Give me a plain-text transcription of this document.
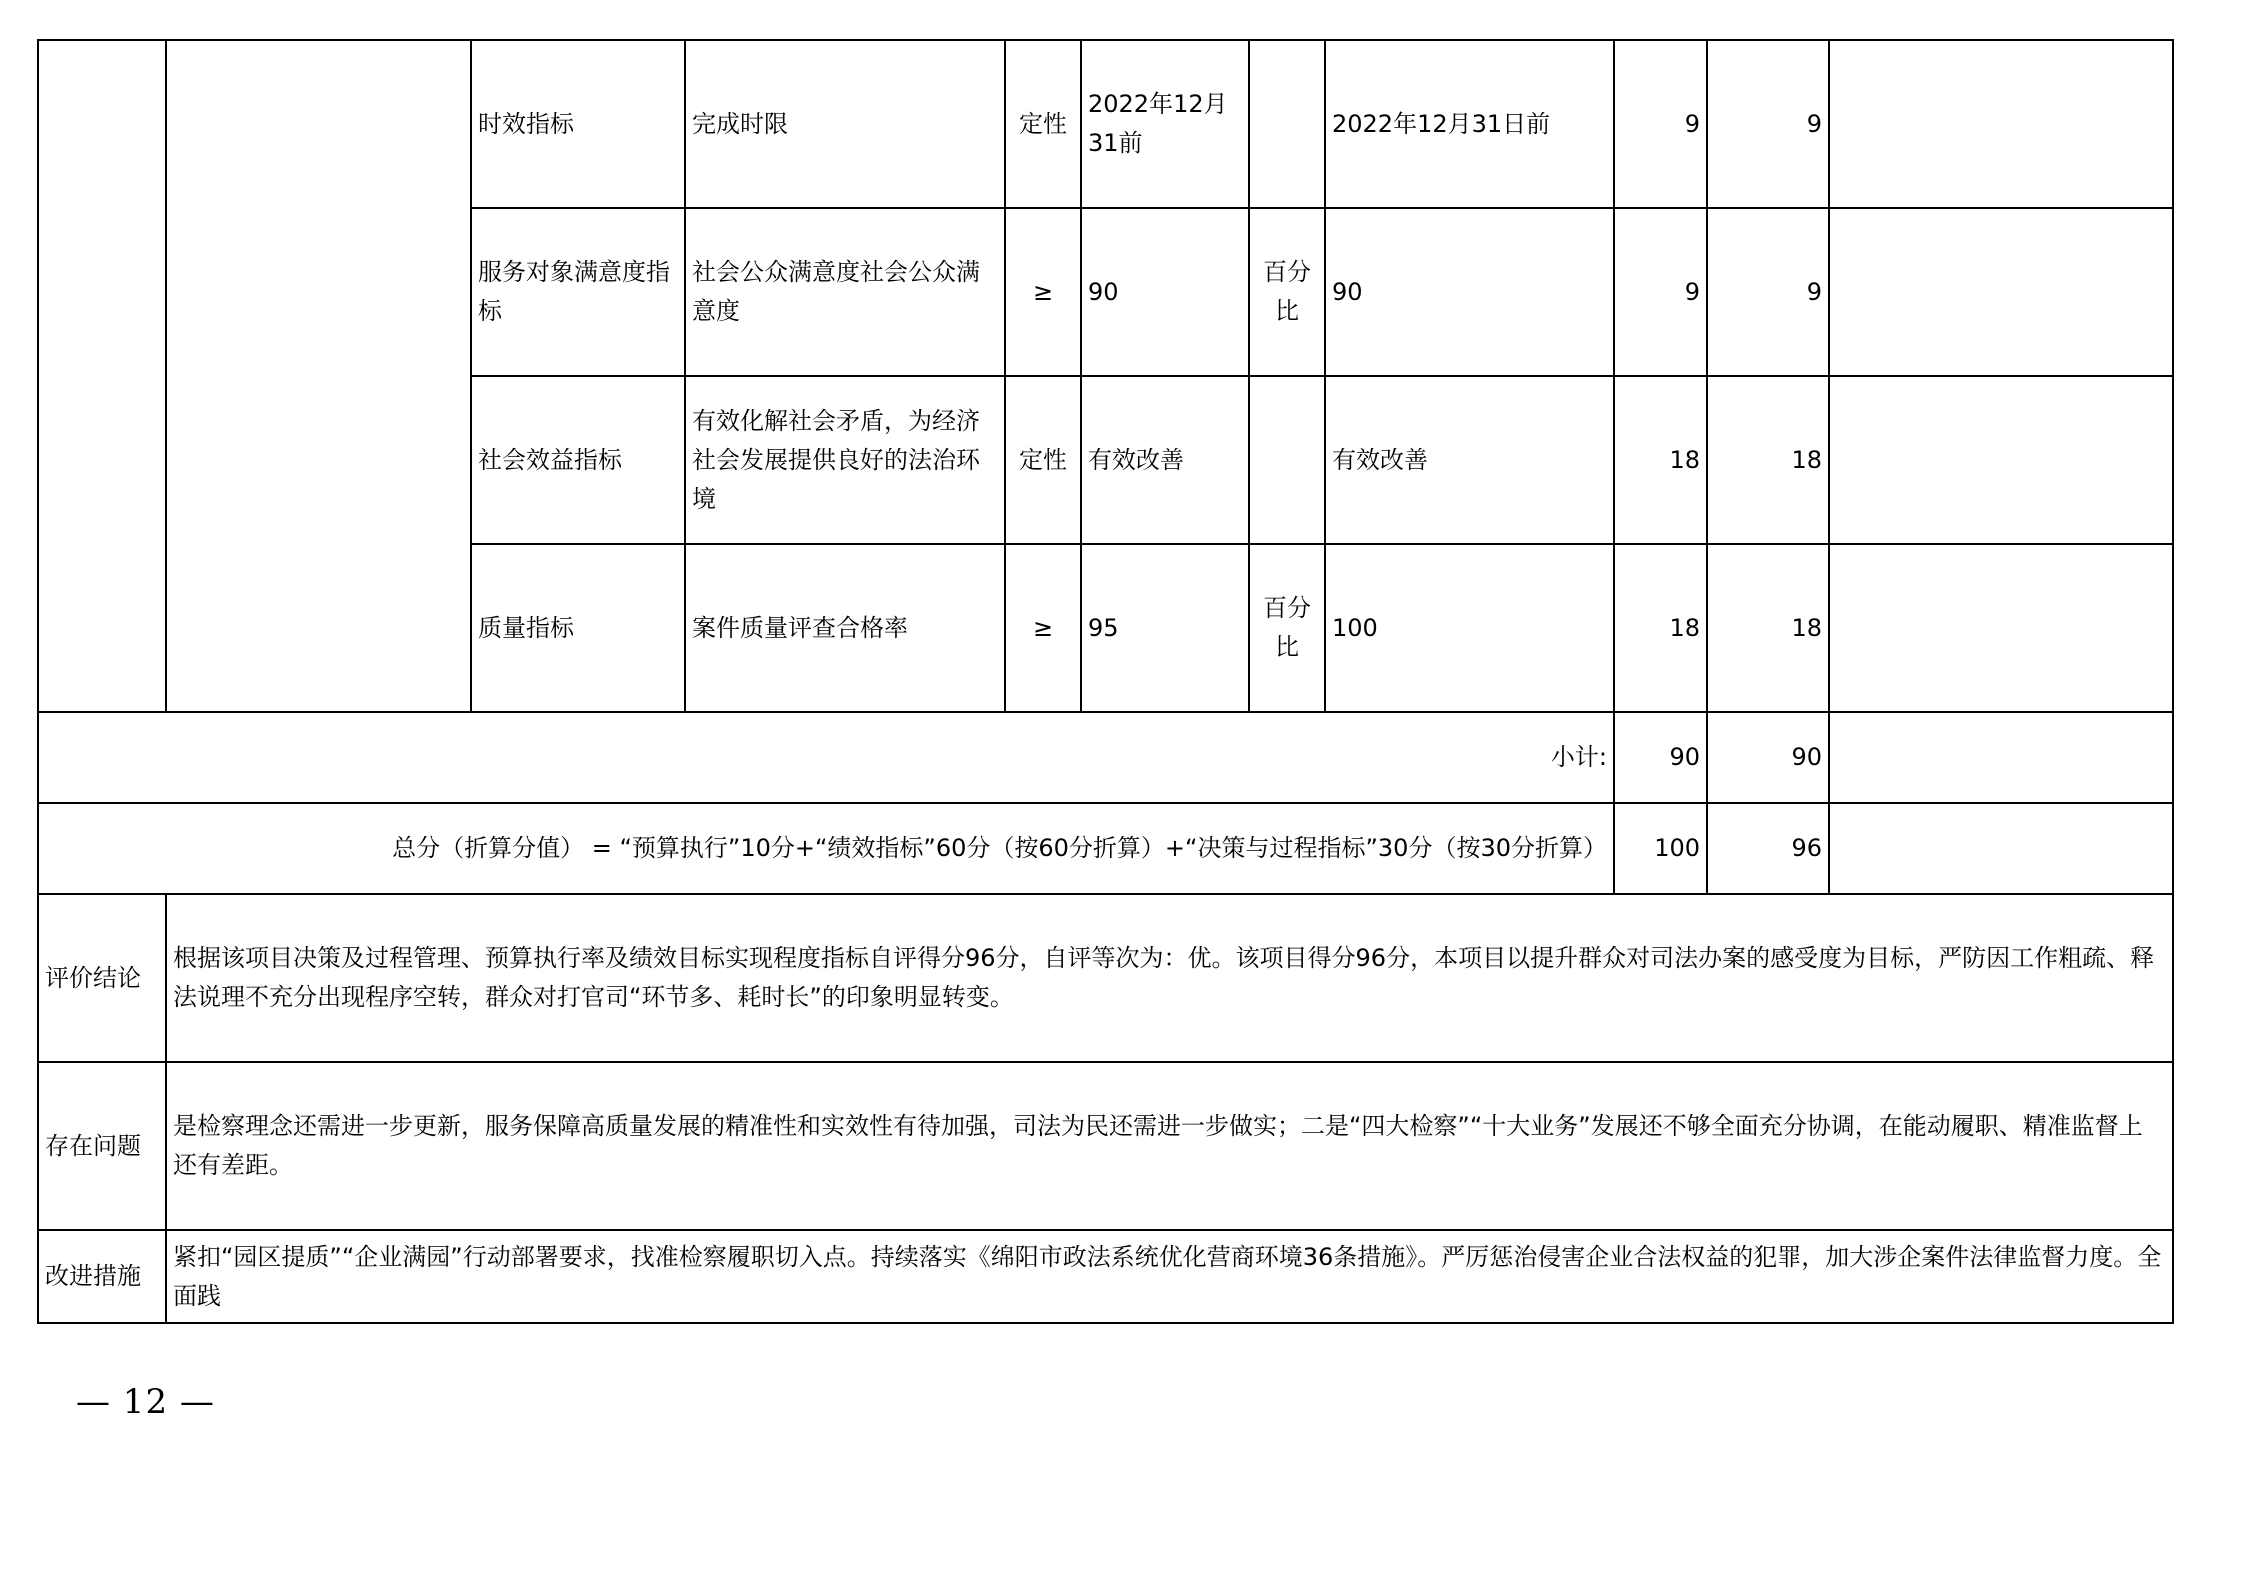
		时效指标	完成时限	定性	2022年12月31前		2022年12月31日前	9	9	
		服务对象满意度指标	社会公众满意度社会公众满意度	≥	90	百分比	90	9	9	
		社会效益指标	有效化解社会矛盾，为经济社会发展提供良好的法治环境	定性	有效改善		有效改善	18	18	
		质量指标	案件质量评查合格率	≥	95	百分比	100	18	18	
小计:								90	90	
总分（折算分值） = “预算执行”10分+“绩效指标”60分（按60分折算）+“决策与过程指标”30分（按30分折算）								100	96	
评价结论	根据该项目决策及过程管理、预算执行率及绩效目标实现程度指标自评得分96分，自评等次为：优。该项目得分96分，本项目以提升群众对司法办案的感受度为目标，严防因工作粗疏、释法说理不充分出现程序空转，群众对打官司“环节多、耗时长”的印象明显转变。									
存在问题	是检察理念还需进一步更新，服务保障高质量发展的精准性和实效性有待加强，司法为民还需进一步做实；二是“四大检察”“十大业务”发展还不够全面充分协调，在能动履职、精准监督上还有差距。									
改进措施	紧扣“园区提质”“企业满园”行动部署要求，找准检察履职切入点。持续落实《绵阳市政法系统优化营商环境36条措施》。严厉惩治侵害企业合法权益的犯罪，加大涉企案件法律监督力度。全面践									
— 12 —
